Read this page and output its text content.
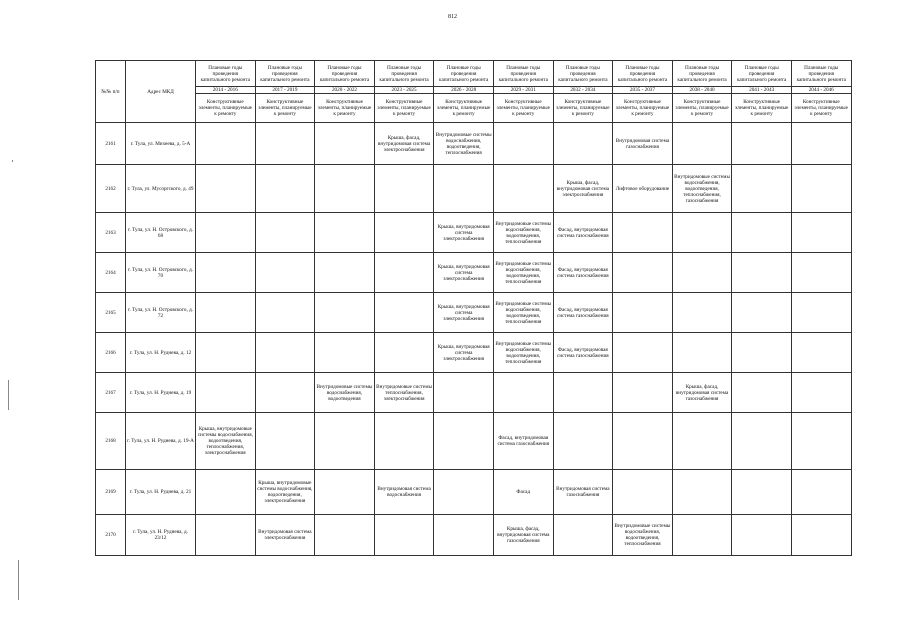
812
№№ п/п	Адрес МКД	Плановые годы проведения капитального ремонта	Плановые годы проведения капитального ремонта	Плановые годы проведения капитального ремонта	Плановые годы проведения капитального ремонта	Плановые годы проведения капитального ремонта	Плановые годы проведения капитального ремонта	Плановые годы проведения капитального ремонта	Плановые годы проведения капитального ремонта	Плановые годы проведения капитального ремонта	Плановые годы проведения капитального ремонта	Плановые годы проведения капитального ремонта
		2014 - 2016	2017 - 2019	2020 - 2022	2023 - 2025	2026 - 2028	2029 - 2031	2032 - 2034	2035 - 2037	2038 - 2040	2041 - 2043	2044 - 2046
		Конструктивные элементы, планируемые к ремонту	Конструктивные элементы, планируемые к ремонту	Конструктивные элементы, планируемые к ремонту	Конструктивные элементы, планируемые к ремонту	Конструктивные элементы, планируемые к ремонту	Конструктивные элементы, планируемые к ремонту	Конструктивные элементы, планируемые к ремонту	Конструктивные элементы, планируемые к ремонту	Конструктивные элементы, планируемые к ремонту	Конструктивные элементы, планируемые к ремонту	Конструктивные элементы, планируемые к ремонту
2161	г. Тула, ул. Михеева, д. 5-А				Крыша, фасад, внутридомовая система электроснабжения	Внутридомовые системы водоснабжения, водоотведения, теплоснабжения			Внутридомовая система газоснабжения			
2162	г. Тула, ул. Мусоргского, д. 49							Крыша, фасад, внутридомовая система электроснабжения	Лифтовое оборудование	Внутридомовые системы водоснабжения, водоотведения, теплоснабжения, газоснабжения		
2163	г. Тула, ул. Н. Островского, д. 68					Крыша, внутридомовая система электроснабжения	Внутридомовые системы водоснабжения, водоотведения, теплоснабжения	Фасад, внутридомовая система газоснабжения				
2164	г. Тула, ул. Н. Островского, д. 70					Крыша, внутридомовая система электроснабжения	Внутридомовые системы водоснабжения, водоотведения, теплоснабжения	Фасад, внутридомовая система газоснабжения				
2165	г. Тула, ул. Н. Островского, д. 72					Крыша, внутридомовая система электроснабжения	Внутридомовые системы водоснабжения, водоотведения, теплоснабжения	Фасад, внутридомовая система газоснабжения				
2166	г. Тула, ул. Н. Руднева, д. 12					Крыша, внутридомовая система электроснабжения	Внутридомовые системы водоснабжения, водоотведения, теплоснабжения	Фасад, внутридомовая система газоснабжения				
2167	г. Тула, ул. Н. Руднева, д. 19			Внутридомовые системы водоснабжения, водоотведения	Внутридомовые системы теплоснабжения, электроснабжения					Крыша, фасад, внутридомовая система газоснабжения		
2168	г. Тула, ул. Н. Руднева, д. 19-А	Крыша, внутридомовые системы водоснабжения, водоотведения, теплоснабжения, электроснабжения					Фасад, внутридомовая система газоснабжения					
2169	г. Тула, ул. Н. Руднева, д. 21		Крыша, внутридомовые системы водоснабжения, водоотведения, электроснабжения		Внутридомовая система водоснабжения		Фасад	Внутридомовая система газоснабжения				
2170	г. Тула, ул. Н. Руднева, д. 23/12		Внутридомовая система электроснабжения				Крыша, фасад, внутридомовая система газоснабжения		Внутридомовые системы водоснабжения, водоотведения, теплоснабжения			
